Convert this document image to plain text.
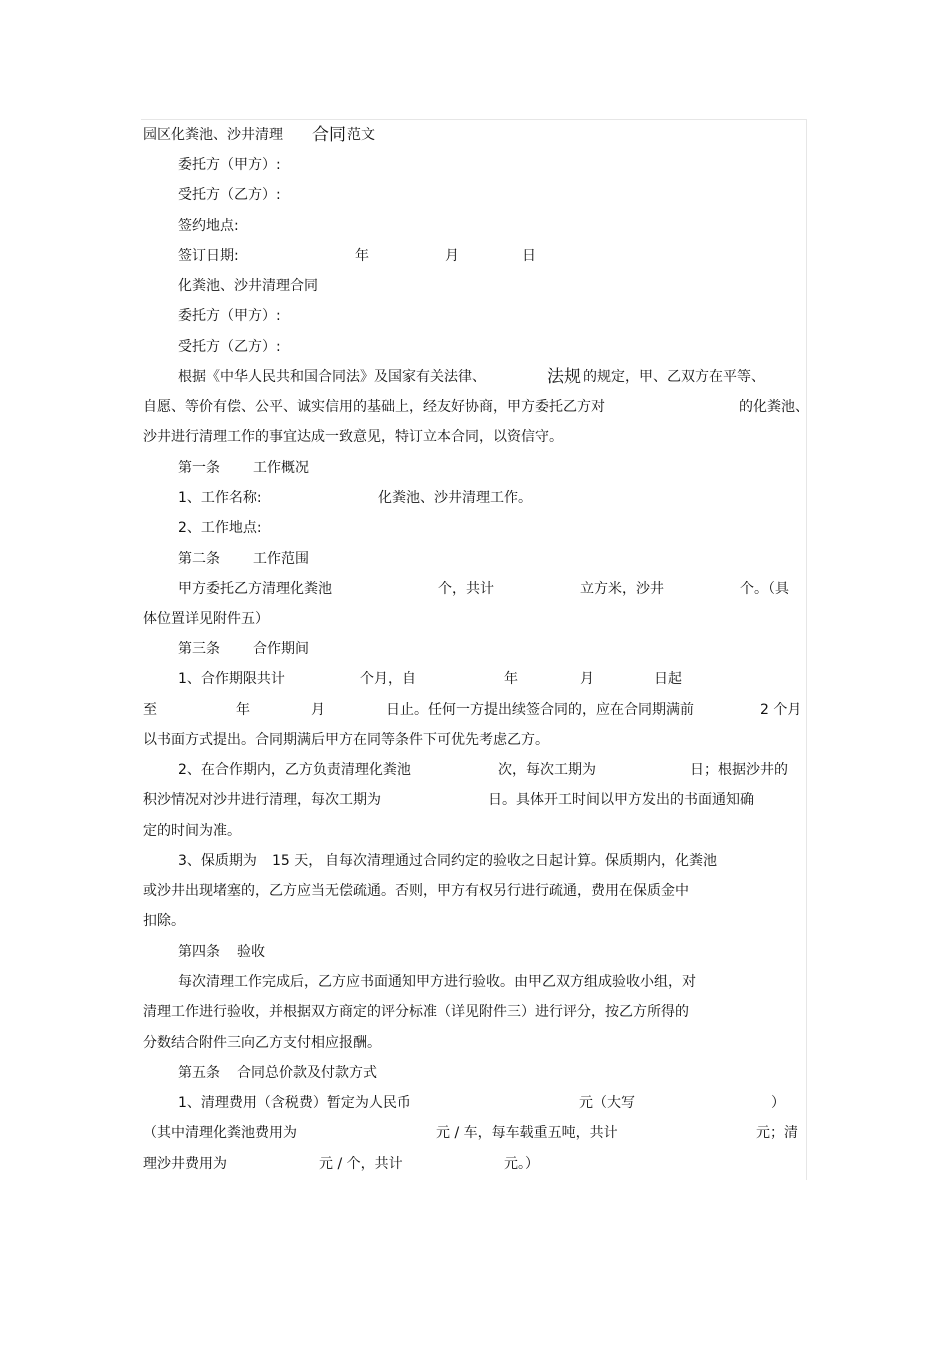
园区化粪池、沙井清理 合同 范文
委托方（甲方）:
受托方（乙方）:
签约地点:
签订日期:	年	月	日
化粪池、沙井清理合同
委托方（甲方）:
受托方（乙方）:
根据《中华人民共和国合同法》及国家有关法律、	法规 的规定，甲、乙双方在平等、
自愿、等价有偿、公平、诚实信用的基础上，经友好协商，甲方委托乙方对	的化粪池、
沙井进行清理工作的事宜达成一致意见，特订立本合同，以资信守。
第一条 工作概况
1、工作名称:	化粪池、沙井清理工作。
2、工作地点:
第二条 工作范围
甲方委托乙方清理化粪池	个，共计	立方米，沙井	个。（具
体位置详见附件五）
第三条 合作期间
1、合作期限共计	个月，自	年	月	日起
至	年	月	日止。任何一方提出续签合同的，应在合同期满前	2 个月
以书面方式提出。合同期满后甲方在同等条件下可优先考虑乙方。
2、在合作期内，乙方负责清理化粪池	次，每次工期为	日；根据沙井的
积沙情况对沙井进行清理，每次工期为	日。具体开工时间以甲方发出的书面通知确
定的时间为准。
3、保质期为 15 天， 自每次清理通过合同约定的验收之日起计算。保质期内，化粪池
或沙井出现堵塞的，乙方应当无偿疏通。否则，甲方有权另行进行疏通，费用在保质金中
扣除。
第四条 验收
每次清理工作完成后，乙方应书面通知甲方进行验收。由甲乙双方组成验收小组，对
清理工作进行验收，并根据双方商定的评分标准（详见附件三）进行评分，按乙方所得的
分数结合附件三向乙方支付相应报酬。
第五条 合同总价款及付款方式
1、清理费用（含税费）暂定为人民币	元（大写	）
（其中清理化粪池费用为	元 / 车，每车载重五吨，共计	元；清
理沙井费用为	元 / 个，共计	元。）
